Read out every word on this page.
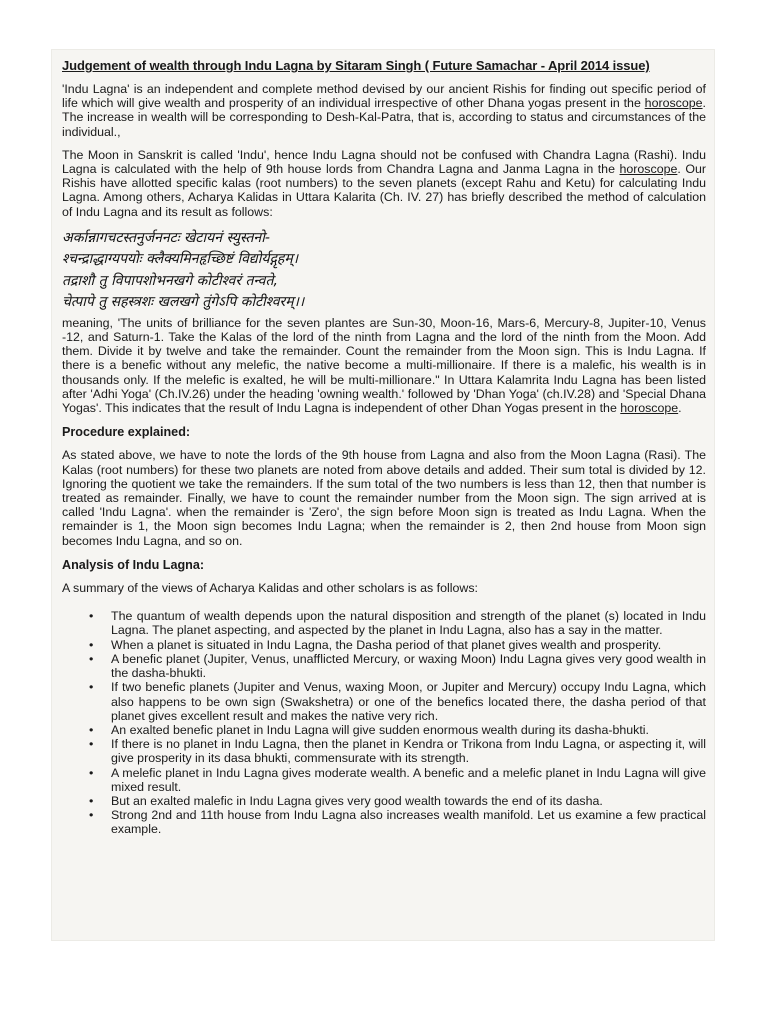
Judgement of wealth through Indu Lagna by Sitaram Singh ( Future Samachar - April 2014 issue)

'Indu Lagna' is an independent and complete method devised by our ancient Rishis for finding out specific period of life which will give wealth and prosperity of an individual irrespective of other Dhana yogas present in the horoscope. The increase in wealth will be corresponding to Desh-Kal-Patra, that is, according to status and circumstances of the individual.,

The Moon in Sanskrit is called 'Indu', hence Indu Lagna should not be confused with Chandra Lagna (Rashi). Indu Lagna is calculated with the help of 9th house lords from Chandra Lagna and Janma Lagna in the horoscope. Our Rishis have allotted specific kalas (root numbers) to the seven planets (except Rahu and Ketu) for calculating Indu Lagna. Among others, Acharya Kalidas in Uttara Kalarita (Ch. IV. 27) has briefly described the method of calculation of Indu Lagna and its result as follows:

अर्कान्नागचटस्तनुर्जननटः खेटायनं स्युस्तनो-
श्चन्द्राद्धाग्यपयोः क्लैक्यमिनहृच्छिष्टं विद्योर्यद्गृहम्।
तद्राशौ तु विपापशोभनखगे कोटीश्वरं तन्वते,
चेत्पापे तु सहस्त्रशः खलखगे तुंगेऽपि कोटीश्वरम्।।

meaning, 'The units of brilliance for the seven plantes are Sun-30, Moon-16, Mars-6, Mercury-8, Jupiter-10, Venus -12, and Saturn-1. Take the Kalas of the lord of the ninth from Lagna and the lord of the ninth from the Moon. Add them. Divide it by twelve and take the remainder. Count the remainder from the Moon sign. This is Indu Lagna. If there is a benefic without any melefic, the native become a multi-millionaire. If there is a malefic, his wealth is in thousands only. If the melefic is exalted, he will be multi-millionare." In Uttara Kalamrita Indu Lagna has been listed after 'Adhi Yoga' (Ch.IV.26) under the heading 'owning wealth.' followed by 'Dhan Yoga' (ch.IV.28) and 'Special Dhana Yogas'. This indicates that the result of Indu Lagna is independent of other Dhan Yogas present in the horoscope.

Procedure explained:

As stated above, we have to note the lords of the 9th house from Lagna and also from the Moon Lagna (Rasi). The Kalas (root numbers) for these two planets are noted from above details and added. Their sum total is divided by 12. Ignoring the quotient we take the remainders. If the sum total of the two numbers is less than 12, then that number is treated as remainder. Finally, we have to count the remainder number from the Moon sign. The sign arrived at is called 'Indu Lagna'. when the remainder is 'Zero', the sign before Moon sign is treated as Indu Lagna. When the remainder is 1, the Moon sign becomes Indu Lagna; when the remainder is 2, then 2nd house from Moon sign becomes Indu Lagna, and so on.

Analysis of Indu Lagna:

A summary of the views of Acharya Kalidas and other scholars is as follows:

• The quantum of wealth depends upon the natural disposition and strength of the planet (s) located in Indu Lagna. The planet aspecting, and aspected by the planet in Indu Lagna, also has a say in the matter.
• When a planet is situated in Indu Lagna, the Dasha period of that planet gives wealth and prosperity.
• A benefic planet (Jupiter, Venus, unafflicted Mercury, or waxing Moon) Indu Lagna gives very good wealth in the dasha-bhukti.
• If two benefic planets (Jupiter and Venus, waxing Moon, or Jupiter and Mercury) occupy Indu Lagna, which also happens to be own sign (Swakshetra) or one of the benefics located there, the dasha period of that planet gives excellent result and makes the native very rich.
• An exalted benefic planet in Indu Lagna will give sudden enormous wealth during its dasha-bhukti.
• If there is no planet in Indu Lagna, then the planet in Kendra or Trikona from Indu Lagna, or aspecting it, will give prosperity in its dasa bhukti, commensurate with its strength.
• A melefic planet in Indu Lagna gives moderate wealth. A benefic and a melefic planet in Indu Lagna will give mixed result.
• But an exalted malefic in Indu Lagna gives very good wealth towards the end of its dasha.
• Strong 2nd and 11th house from Indu Lagna also increases wealth manifold. Let us examine a few practical example.
